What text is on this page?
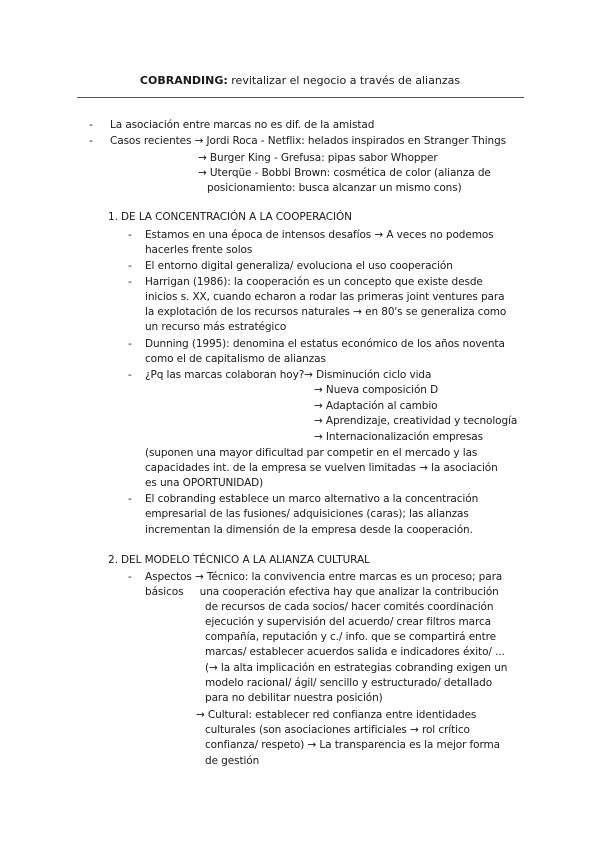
COBRANDING: revitalizar el negocio a través de alianzas
- La asociación entre marcas no es dif. de la amistad
- Casos recientes → Jordi Roca - Netflix: helados inspirados en Stranger Things
→ Burger King - Grefusa: pipas sabor Whopper
→ Uterqüe - Bobbi Brown: cosmética de color (alianza de
posicionamiento: busca alcanzar un mismo cons)
1. DE LA CONCENTRACIÓN A LA COOPERACIÓN
- Estamos en una época de intensos desafíos → A veces no podemos
hacerles frente solos
- El entorno digital generaliza/ evoluciona el uso cooperación
- Harrigan (1986): la cooperación es un concepto que existe desde
inicios s. XX, cuando echaron a rodar las primeras joint ventures para
la explotación de los recursos naturales → en 80's se generaliza como
un recurso más estratégico
- Dunning (1995): denomina el estatus económico de los años noventa
como el de capitalismo de alianzas
- ¿Pq las marcas colaboran hoy?→ Disminución ciclo vida
→ Nueva composición D
→ Adaptación al cambio
→ Aprendizaje, creatividad y tecnología
→ Internacionalización empresas
(suponen una mayor dificultad par competir en el mercado y las
capacidades int. de la empresa se vuelven limitadas → la asociación
es una OPORTUNIDAD)
- El cobranding establece un marco alternativo a la concentración
empresarial de las fusiones/ adquisiciones (caras); las alianzas
incrementan la dimensión de la empresa desde la cooperación.
2. DEL MODELO TÉCNICO A LA ALIANZA CULTURAL
- Aspectos → Técnico: la convivencia entre marcas es un proceso; para
básicos     una cooperación efectiva hay que analizar la contribución
de recursos de cada socios/ hacer comités coordinación
ejecución y supervisión del acuerdo/ crear filtros marca
compañía, reputación y c./ info. que se compartirá entre
marcas/ establecer acuerdos salida e indicadores éxito/ ...
(→ la alta implicación en estrategias cobranding exigen un
modelo racional/ ágil/ sencillo y estructurado/ detallado
para no debilitar nuestra posición)
→ Cultural: establecer red confianza entre identidades
culturales (son asociaciones artificiales → rol crítico
confianza/ respeto) → La transparencia es la mejor forma
de gestión
